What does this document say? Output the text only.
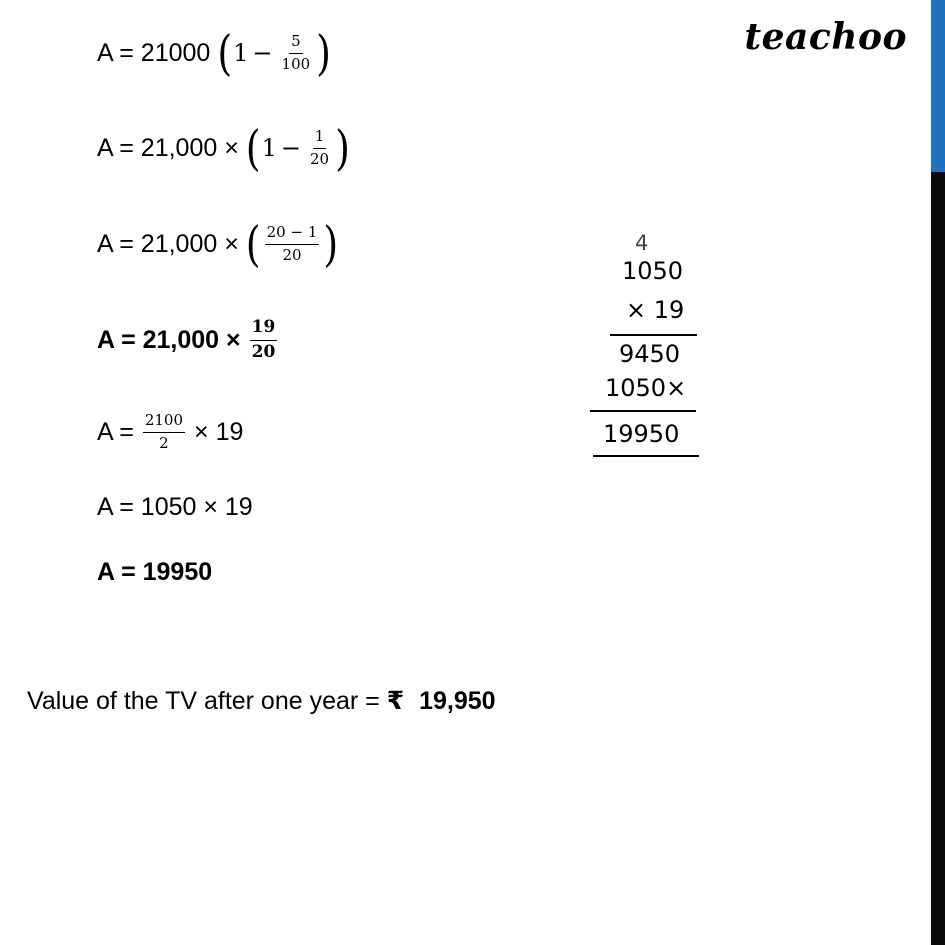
teachoo
A = 21000 ( $1 - \frac{5}{100}$ )
A = 21,000 × ( $1 - \frac{1}{20}$ )
A = 21,000 × ( $\frac{20 - 1}{20}$ )
$A = 21,000 \times \frac{19}{20}$
$A = \frac{2100}{2} \times 19$
A = 1050 × 19
A = 19950
Value of the TV after one year = ₹ 19,950
4
1050
× 19
9450
1050×
19950
